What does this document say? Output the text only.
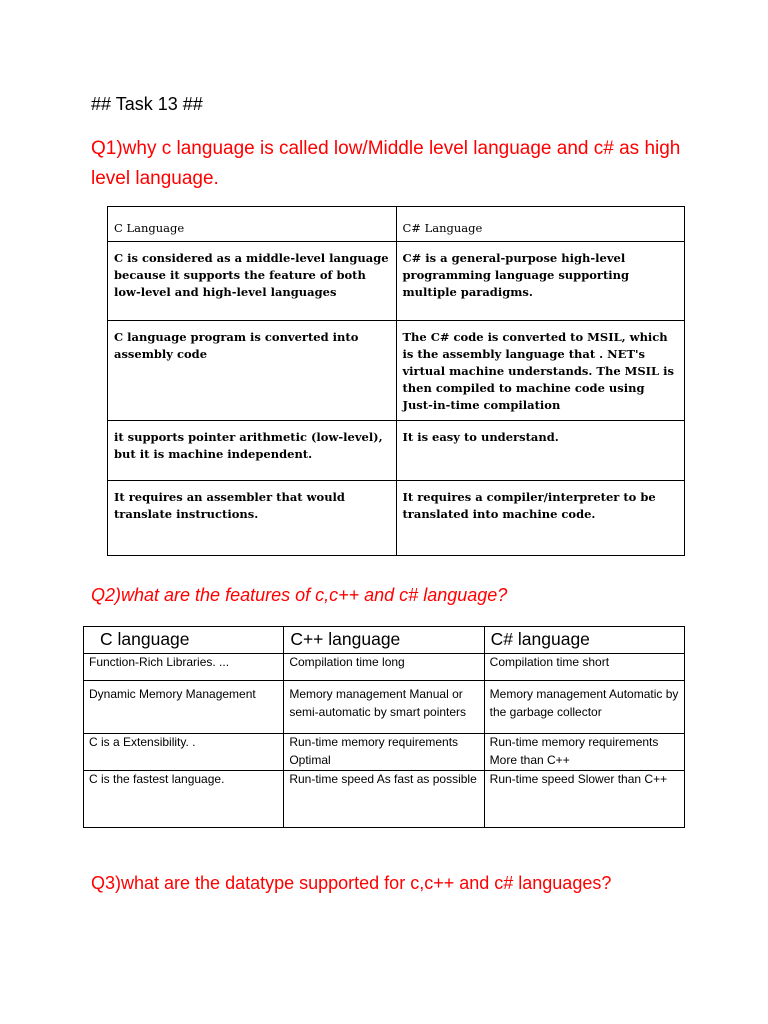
## Task 13 ##
Q1)why c language is called low/Middle level language and c# as high level language.
C Language	C# Language
C is considered as a middle-level language because it supports the feature of both low-level and high-level languages	C# is a general-purpose high-level programming language supporting multiple paradigms.
C language program is converted into assembly code	The C# code is converted to MSIL, which is the assembly language that . NET's virtual machine understands. The MSIL is then compiled to machine code using Just-in-time compilation
it supports pointer arithmetic (low-level), but it is machine independent.	It is easy to understand.
It requires an assembler that would translate instructions.	It requires a compiler/interpreter to be translated into machine code.
Q2)what are the features of c,c++ and c# language?
C language	C++ language	C# language
Function-Rich Libraries. ...	Compilation time long	Compilation time short
Dynamic Memory Management	Memory management Manual or semi-automatic by smart pointers	Memory management Automatic by the garbage collector
C is a Extensibility. .	Run-time memory requirements Optimal	Run-time memory requirements More than C++
C is the fastest language.	Run-time speed As fast as possible	Run-time speed Slower than C++
Q3)what are the datatype supported for c,c++ and c# languages?
